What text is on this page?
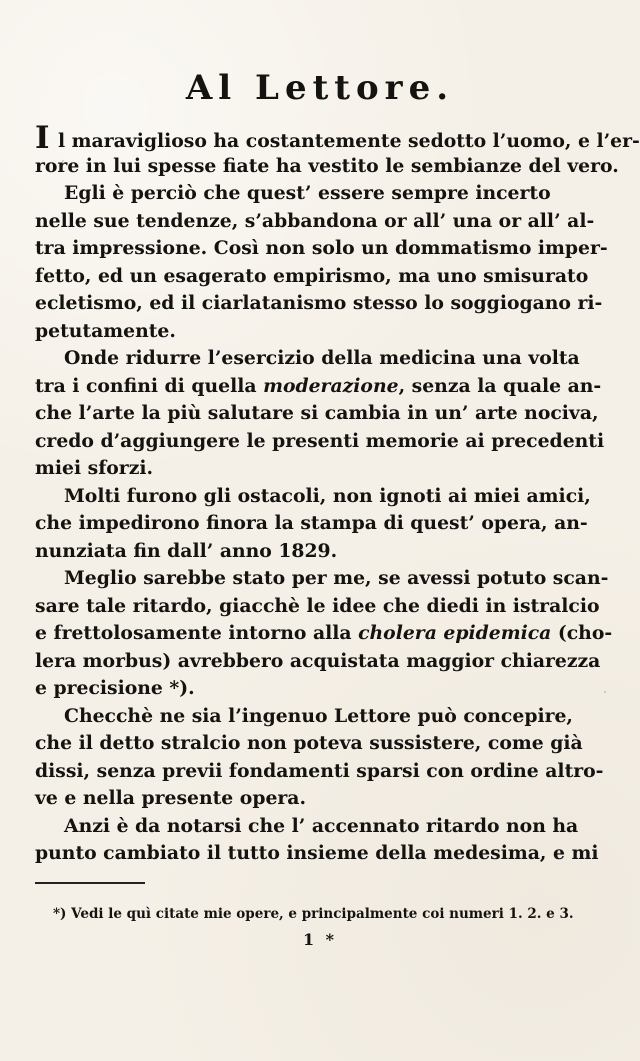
Al Lettore.
Il maraviglioso ha costantemente sedotto l’uomo, e l’er-
rore in lui spesse fiate ha vestito le sembianze del vero.
Egli è perciò che quest’ essere sempre incerto
nelle sue tendenze, s’abbandona or all’ una or all’ al-
tra impressione. Così non solo un dommatismo imper-
fetto, ed un esagerato empirismo, ma uno smisurato
ecletismo, ed il ciarlatanismo stesso lo soggiogano ri-
petutamente.
Onde ridurre l’esercizio della medicina una volta
tra i confini di quella moderazione, senza la quale an-
che l’arte la più salutare si cambia in un’ arte nociva,
credo d’aggiungere le presenti memorie ai precedenti
miei sforzi.
Molti furono gli ostacoli, non ignoti ai miei amici,
che impedirono finora la stampa di quest’ opera, an-
nunziata fin dall’ anno 1829.
Meglio sarebbe stato per me, se avessi potuto scan-
sare tale ritardo, giacchè le idee che diedi in istralcio
e frettolosamente intorno alla cholera epidemica (cho-
lera morbus) avrebbero acquistata maggior chiarezza
e precisione *).
Checchè ne sia l’ingenuo Lettore può concepire,
che il detto stralcio non poteva sussistere, come già
dissi, senza previi fondamenti sparsi con ordine altro-
ve e nella presente opera.
Anzi è da notarsi che l’ accennato ritardo non ha
punto cambiato il tutto insieme della medesima, e mi
*) Vedi le quì citate mie opere, e principalmente coi numeri 1. 2. e 3.
1 *
